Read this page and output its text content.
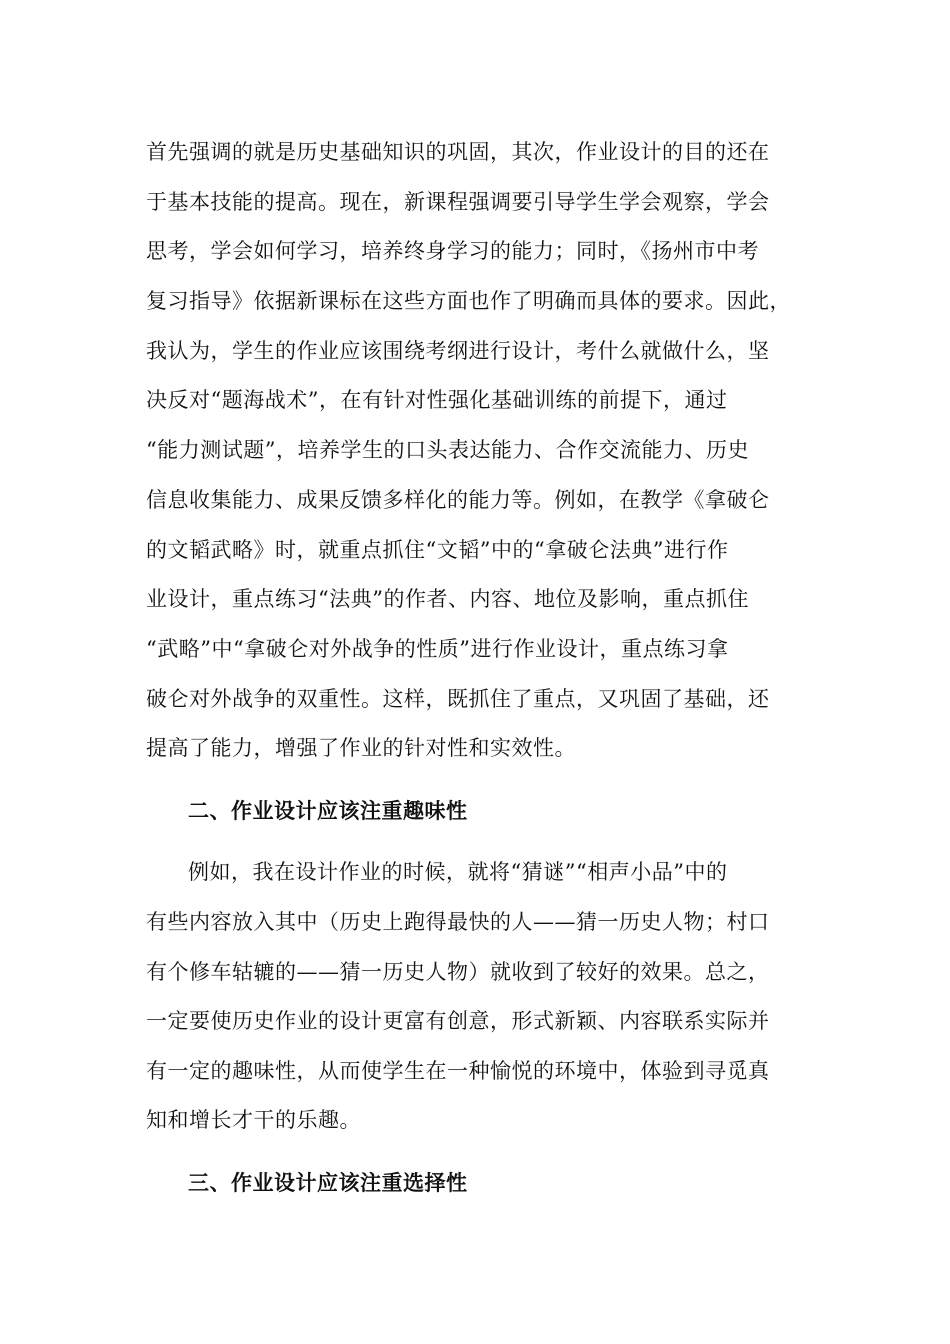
首先强调的就是历史基础知识的巩固，其次，作业设计的目的还在
于基本技能的提高。现在，新课程强调要引导学生学会观察，学会
思考，学会如何学习，培养终身学习的能力；同时，《扬州市中考
复习指导》依据新课标在这些方面也作了明确而具体的要求。因此，
我认为，学生的作业应该围绕考纲进行设计，考什么就做什么，坚
决反对“题海战术”，在有针对性强化基础训练的前提下，通过
“能力测试题”，培养学生的口头表达能力、合作交流能力、历史
信息收集能力、成果反馈多样化的能力等。例如，在教学《拿破仑
的文韬武略》时，就重点抓住“文韬”中的“拿破仑法典”进行作
业设计，重点练习“法典”的作者、内容、地位及影响，重点抓住
“武略”中“拿破仑对外战争的性质”进行作业设计，重点练习拿
破仑对外战争的双重性。这样，既抓住了重点，又巩固了基础，还
提高了能力，增强了作业的针对性和实效性。
二、作业设计应该注重趣味性
例如，我在设计作业的时候，就将“猜谜”“相声小品”中的
有些内容放入其中（历史上跑得最快的人——猜一历史人物；村口
有个修车轱辘的——猜一历史人物）就收到了较好的效果。总之，
一定要使历史作业的设计更富有创意，形式新颖、内容联系实际并
有一定的趣味性，从而使学生在一种愉悦的环境中，体验到寻觅真
知和增长才干的乐趣。
三、作业设计应该注重选择性
